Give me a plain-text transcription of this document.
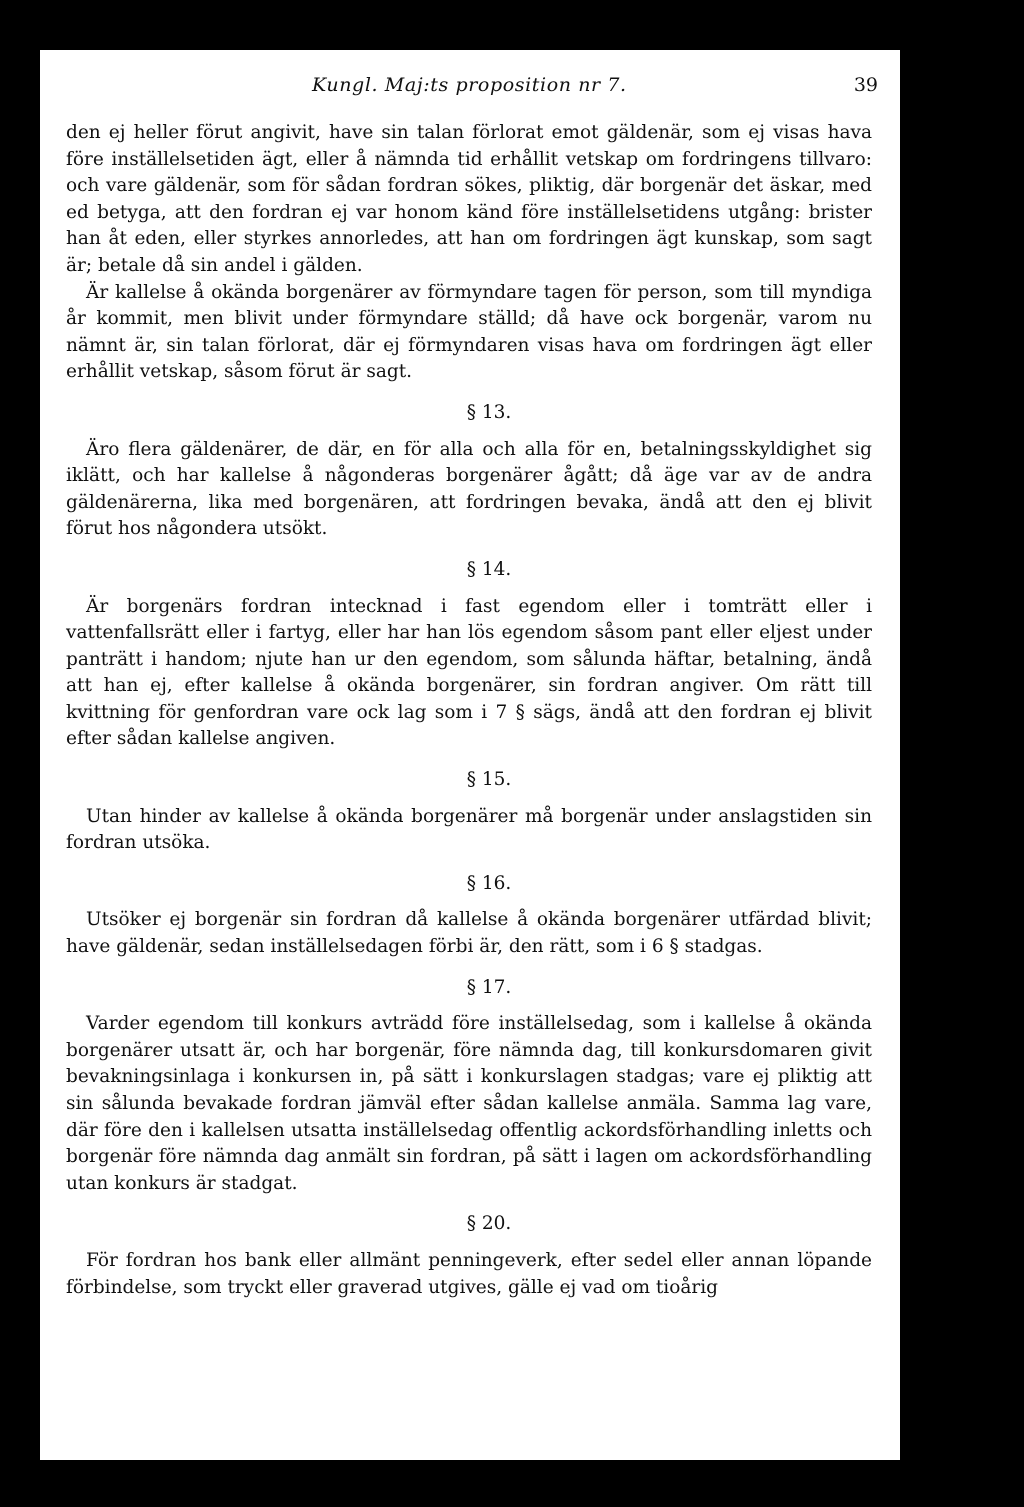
Kungl. Maj:ts proposition nr 7.	39

den ej heller förut angivit, have sin talan förlorat emot gäldenär, som ej visas hava före inställelsetiden ägt, eller å nämnda tid erhållit vetskap om fordringens tillvaro: och vare gäldenär, som för sådan fordran sökes, pliktig, där borgenär det äskar, med ed betyga, att den fordran ej var honom känd före inställelsetidens utgång: brister han åt eden, eller styrkes annorledes, att han om fordringen ägt kunskap, som sagt är; betale då sin andel i gälden.

Är kallelse å okända borgenärer av förmyndare tagen för person, som till myndiga år kommit, men blivit under förmyndare ställd; då have ock borgenär, varom nu nämnt är, sin talan förlorat, där ej förmyndaren visas hava om fordringen ägt eller erhållit vetskap, såsom förut är sagt.

§ 13.

Äro flera gäldenärer, de där, en för alla och alla för en, betalningsskyldighet sig iklätt, och har kallelse å någonderas borgenärer ågått; då äge var av de andra gäldenärerna, lika med borgenären, att fordringen bevaka, ändå att den ej blivit förut hos någondera utsökt.

§ 14.

Är borgenärs fordran intecknad i fast egendom eller i tomträtt eller i vattenfallsrätt eller i fartyg, eller har han lös egendom såsom pant eller eljest under panträtt i handom; njute han ur den egendom, som sålunda häftar, betalning, ändå att han ej, efter kallelse å okända borgenärer, sin fordran angiver. Om rätt till kvittning för genfordran vare ock lag som i 7 § sägs, ändå att den fordran ej blivit efter sådan kallelse angiven.

§ 15.

Utan hinder av kallelse å okända borgenärer må borgenär under anslagstiden sin fordran utsöka.

§ 16.

Utsöker ej borgenär sin fordran då kallelse å okända borgenärer utfärdad blivit; have gäldenär, sedan inställelsedagen förbi är, den rätt, som i 6 § stadgas.

§ 17.

Varder egendom till konkurs avträdd före inställelsedag, som i kallelse å okända borgenärer utsatt är, och har borgenär, före nämnda dag, till konkursdomaren givit bevakningsinlaga i konkursen in, på sätt i konkurslagen stadgas; vare ej pliktig att sin sålunda bevakade fordran jämväl efter sådan kallelse anmäla. Samma lag vare, där före den i kallelsen utsatta inställelsedag offentlig ackordsförhandling inletts och borgenär före nämnda dag anmält sin fordran, på sätt i lagen om ackordsförhandling utan konkurs är stadgat.

§ 20.

För fordran hos bank eller allmänt penningeverk, efter sedel eller annan löpande förbindelse, som tryckt eller graverad utgives, gälle ej vad om tioårig
